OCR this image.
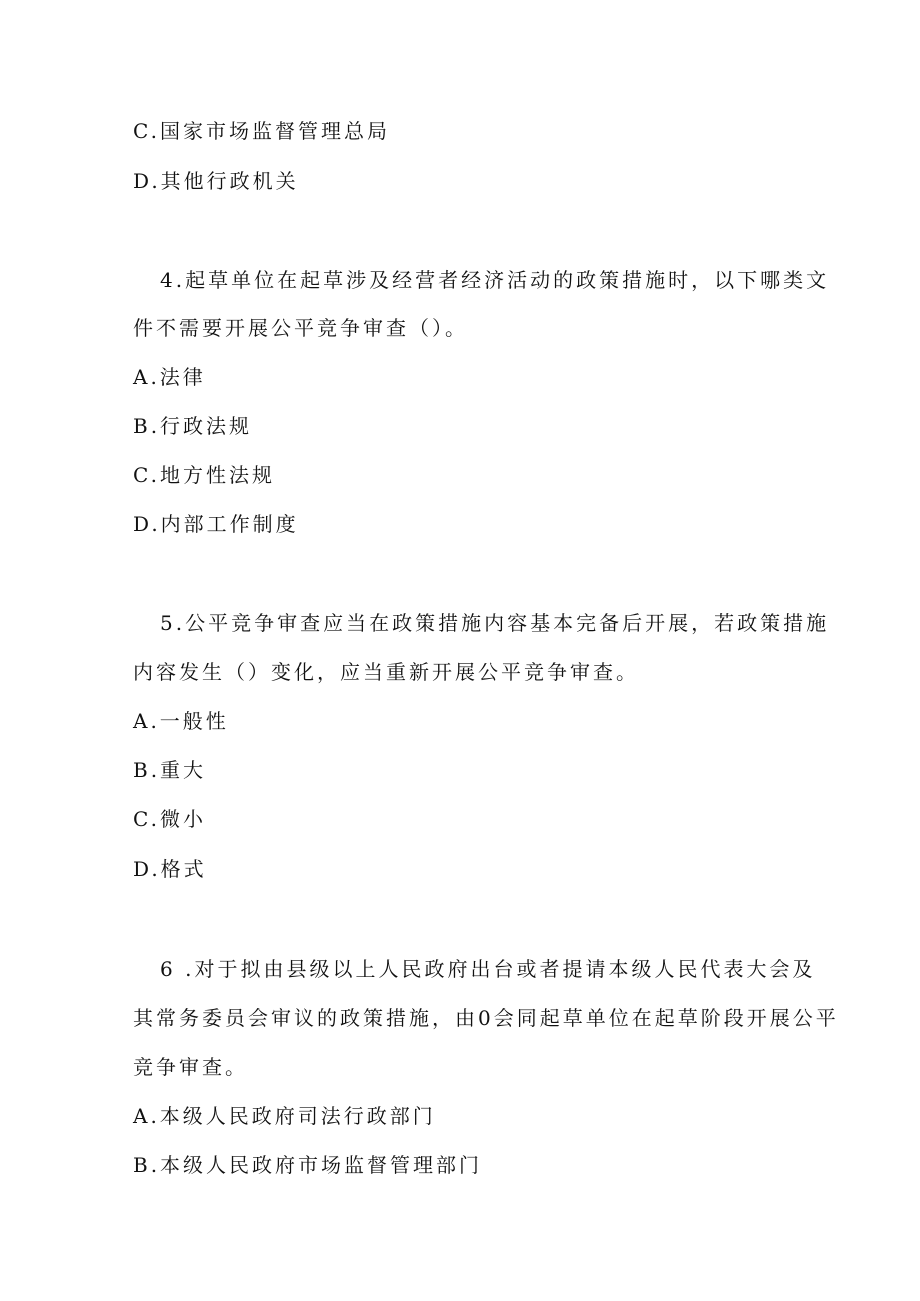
C.国家市场监督管理总局
D.其他行政机关
4.起草单位在起草涉及经营者经济活动的政策措施时，以下哪类文
件不需要开展公平竞争审查（）。
A.法律
B.行政法规
C.地方性法规
D.内部工作制度
5.公平竞争审查应当在政策措施内容基本完备后开展，若政策措施
内容发生（）变化，应当重新开展公平竞争审查。
A.一般性
B.重大
C.微小
D.格式
6 .对于拟由县级以上人民政府出台或者提请本级人民代表大会及
其常务委员会审议的政策措施，由0会同起草单位在起草阶段开展公平
竞争审查。
A.本级人民政府司法行政部门
B.本级人民政府市场监督管理部门
